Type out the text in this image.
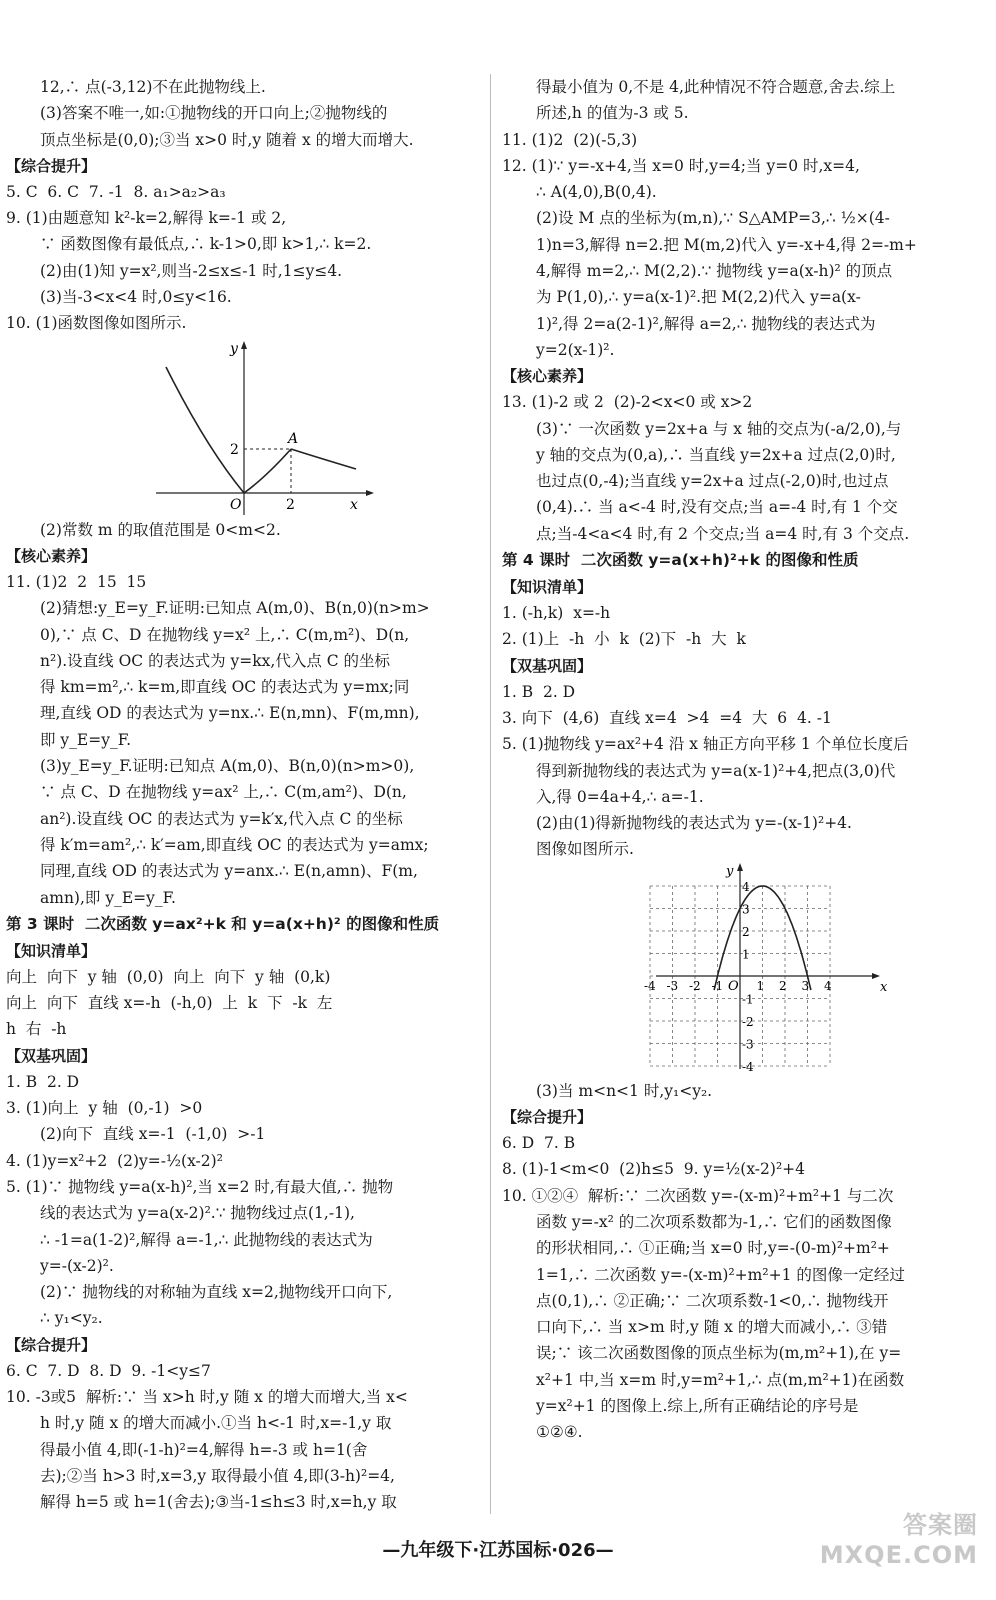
12,∴ 点(-3,12)不在此抛物线上.

(3)答案不唯一,如:①抛物线的开口向上;②抛物线的

顶点坐标是(0,0);③当 x>0 时,y 随着 x 的增大而增大.

【综合提升】

5. C  6. C  7. -1  8. a₁>a₂>a₃

9. (1)由题意知 k²-k=2,解得 k=-1 或 2,

∵ 函数图像有最低点,∴ k-1>0,即 k>1,∴ k=2.

(2)由(1)知 y=x²,则当-2≤x≤-1 时,1≤y≤4.

(3)当-3<x<4 时,0≤y<16.

10. (1)函数图像如图所示.

y
x
O
A
2
2

(2)常数 m 的取值范围是 0<m<2.

【核心素养】

11. (1)2  2  15  15

(2)猜想:y_E=y_F.证明:已知点 A(m,0)、B(n,0)(n>m>

0),∵ 点 C、D 在抛物线 y=x² 上,∴ C(m,m²)、D(n,

n²).设直线 OC 的表达式为 y=kx,代入点 C 的坐标

得 km=m²,∴ k=m,即直线 OC 的表达式为 y=mx;同

理,直线 OD 的表达式为 y=nx.∴ E(n,mn)、F(m,mn),

即 y_E=y_F.

(3)y_E=y_F.证明:已知点 A(m,0)、B(n,0)(n>m>0),

∵ 点 C、D 在抛物线 y=ax² 上,∴ C(m,am²)、D(n,

an²).设直线 OC 的表达式为 y=k′x,代入点 C 的坐标

得 k′m=am²,∴ k′=am,即直线 OC 的表达式为 y=amx;

同理,直线 OD 的表达式为 y=anx.∴ E(n,amn)、F(m,

amn),即 y_E=y_F.

第 3 课时  二次函数 y=ax²+k 和 y=a(x+h)² 的图像和性质

【知识清单】

向上  向下  y 轴  (0,0)  向上  向下  y 轴  (0,k)

向上  向下  直线 x=-h  (-h,0)  上  k  下  -k  左

h  右  -h

【双基巩固】

1. B  2. D

3. (1)向上  y 轴  (0,-1)  >0

(2)向下  直线 x=-1  (-1,0)  >-1

4. (1)y=x²+2  (2)y=-½(x-2)²

5. (1)∵ 抛物线 y=a(x-h)²,当 x=2 时,有最大值,∴ 抛物

线的表达式为 y=a(x-2)².∵ 抛物线过点(1,-1),

∴ -1=a(1-2)²,解得 a=-1,∴ 此抛物线的表达式为

y=-(x-2)².

(2)∵ 抛物线的对称轴为直线 x=2,抛物线开口向下,

∴ y₁<y₂.

【综合提升】

6. C  7. D  8. D  9. -1<y≤7

10. -3或5  解析:∵ 当 x>h 时,y 随 x 的增大而增大,当 x<

h 时,y 随 x 的增大而减小.①当 h<-1 时,x=-1,y 取

得最小值 4,即(-1-h)²=4,解得 h=-3 或 h=1(舍

去);②当 h>3 时,x=3,y 取得最小值 4,即(3-h)²=4,

解得 h=5 或 h=1(舍去);③当-1≤h≤3 时,x=h,y 取

得最小值为 0,不是 4,此种情况不符合题意,舍去.综上

所述,h 的值为-3 或 5.

11. (1)2  (2)(-5,3)

12. (1)∵ y=-x+4,当 x=0 时,y=4;当 y=0 时,x=4,

∴ A(4,0),B(0,4).

(2)设 M 点的坐标为(m,n),∵ S△AMP=3,∴ ½×(4-

1)n=3,解得 n=2.把 M(m,2)代入 y=-x+4,得 2=-m+

4,解得 m=2,∴ M(2,2).∵ 抛物线 y=a(x-h)² 的顶点

为 P(1,0),∴ y=a(x-1)².把 M(2,2)代入 y=a(x-

1)²,得 2=a(2-1)²,解得 a=2,∴ 抛物线的表达式为

y=2(x-1)².

【核心素养】

13. (1)-2 或 2  (2)-2<x<0 或 x>2

(3)∵ 一次函数 y=2x+a 与 x 轴的交点为(-a/2,0),与

y 轴的交点为(0,a),∴ 当直线 y=2x+a 过点(2,0)时,

也过点(0,-4);当直线 y=2x+a 过点(-2,0)时,也过点

(0,4).∴ 当 a<-4 时,没有交点;当 a=-4 时,有 1 个交

点;当-4<a<4 时,有 2 个交点;当 a=4 时,有 3 个交点.

第 4 课时  二次函数 y=a(x+h)²+k 的图像和性质

【知识清单】

1. (-h,k)  x=-h

2. (1)上  -h  小  k  (2)下  -h  大  k

【双基巩固】

1. B  2. D

3. 向下  (4,6)  直线 x=4  >4  =4  大  6  4. -1

5. (1)抛物线 y=ax²+4 沿 x 轴正方向平移 1 个单位长度后

得到新抛物线的表达式为 y=a(x-1)²+4,把点(3,0)代

入,得 0=4a+4,∴ a=-1.

(2)由(1)得新抛物线的表达式为 y=-(x-1)²+4.

图像如图所示.

-4 -3 -2 -1	1 2 3 4
4
3
2
1
-1
-2
-3
-4
y
x
O

(3)当 m<n<1 时,y₁<y₂.

【综合提升】

6. D  7. B

8. (1)-1<m<0  (2)h≤5  9. y=½(x-2)²+4

10. ①②④  解析:∵ 二次函数 y=-(x-m)²+m²+1 与二次

函数 y=-x² 的二次项系数都为-1,∴ 它们的函数图像

的形状相同,∴ ①正确;当 x=0 时,y=-(0-m)²+m²+

1=1,∴ 二次函数 y=-(x-m)²+m²+1 的图像一定经过

点(0,1),∴ ②正确;∵ 二次项系数-1<0,∴ 抛物线开

口向下,∴ 当 x>m 时,y 随 x 的增大而减小,∴ ③错

误;∵ 该二次函数图像的顶点坐标为(m,m²+1),在 y=

x²+1 中,当 x=m 时,y=m²+1,∴ 点(m,m²+1)在函数

y=x²+1 的图像上.综上,所有正确结论的序号是

①②④.

—九年级下·江苏国标·026—
答案圈
MXQE.COM
